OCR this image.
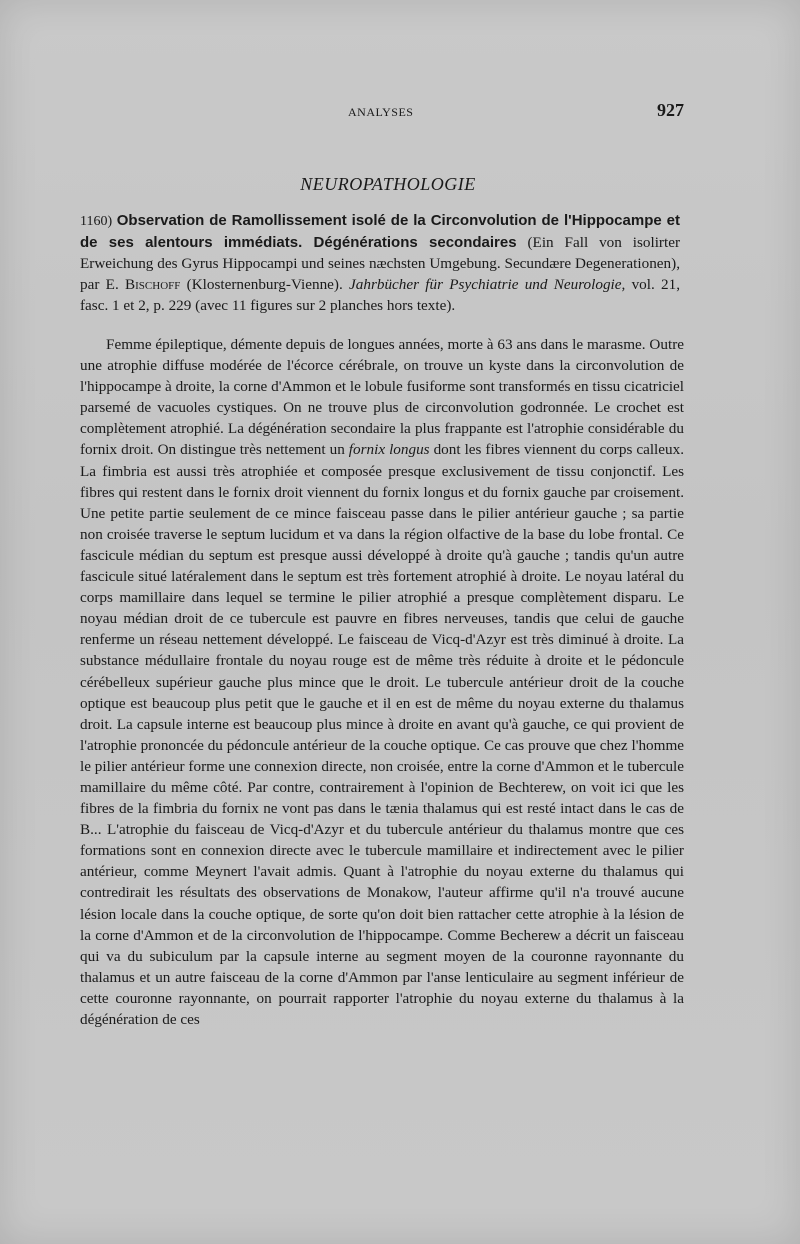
ANALYSES	927
NEUROPATHOLOGIE

1160) Observation de Ramollissement isolé de la Circonvolution de l'Hippocampe et de ses alentours immédiats. Dégénérations secondaires (Ein Fall von isolirter Erweichung des Gyrus Hippocampi und seines næchsten Umgebung. Secundære Degenerationen), par E. Bischoff (Klosternenburg-Vienne). Jahrbücher für Psychiatrie und Neurologie, vol. 21, fasc. 1 et 2, p. 229 (avec 11 figures sur 2 planches hors texte).

Femme épileptique, démente depuis de longues années, morte à 63 ans dans le marasme. Outre une atrophie diffuse modérée de l'écorce cérébrale, on trouve un kyste dans la circonvolution de l'hippocampe à droite, la corne d'Ammon et le lobule fusiforme sont transformés en tissu cicatriciel parsemé de vacuoles cystiques. On ne trouve plus de circonvolution godronnée. Le crochet est complètement atrophié. La dégénération secondaire la plus frappante est l'atrophie considérable du fornix droit. On distingue très nettement un fornix longus dont les fibres viennent du corps calleux. La fimbria est aussi très atrophiée et composée presque exclusivement de tissu conjonctif. Les fibres qui restent dans le fornix droit viennent du fornix longus et du fornix gauche par croisement. Une petite partie seulement de ce mince faisceau passe dans le pilier antérieur gauche ; sa partie non croisée traverse le septum lucidum et va dans la région olfactive de la base du lobe frontal. Ce fascicule médian du septum est presque aussi développé à droite qu'à gauche ; tandis qu'un autre fascicule situé latéralement dans le septum est très fortement atrophié à droite. Le noyau latéral du corps mamillaire dans lequel se termine le pilier atrophié a presque complètement disparu. Le noyau médian droit de ce tubercule est pauvre en fibres nerveuses, tandis que celui de gauche renferme un réseau nettement développé. Le faisceau de Vicq-d'Azyr est très diminué à droite. La substance médullaire frontale du noyau rouge est de même très réduite à droite et le pédoncule cérébelleux supérieur gauche plus mince que le droit. Le tubercule antérieur droit de la couche optique est beaucoup plus petit que le gauche et il en est de même du noyau externe du thalamus droit. La capsule interne est beaucoup plus mince à droite en avant qu'à gauche, ce qui provient de l'atrophie prononcée du pédoncule antérieur de la couche optique. Ce cas prouve que chez l'homme le pilier antérieur forme une connexion directe, non croisée, entre la corne d'Ammon et le tubercule mamillaire du même côté. Par contre, contrairement à l'opinion de Bechterew, on voit ici que les fibres de la fimbria du fornix ne vont pas dans le tænia thalamus qui est resté intact dans le cas de B... L'atrophie du faisceau de Vicq-d'Azyr et du tubercule antérieur du thalamus montre que ces formations sont en connexion directe avec le tubercule mamillaire et indirectement avec le pilier antérieur, comme Meynert l'avait admis. Quant à l'atrophie du noyau externe du thalamus qui contredirait les résultats des observations de Monakow, l'auteur affirme qu'il n'a trouvé aucune lésion locale dans la couche optique, de sorte qu'on doit bien rattacher cette atrophie à la lésion de la corne d'Ammon et de la circonvolution de l'hippocampe. Comme Becherew a décrit un faisceau qui va du subiculum par la capsule interne au segment moyen de la couronne rayonnante du thalamus et un autre faisceau de la corne d'Ammon par l'anse lenticulaire au segment inférieur de cette couronne rayonnante, on pourrait rapporter l'atrophie du noyau externe du thalamus à la dégénération de ces
